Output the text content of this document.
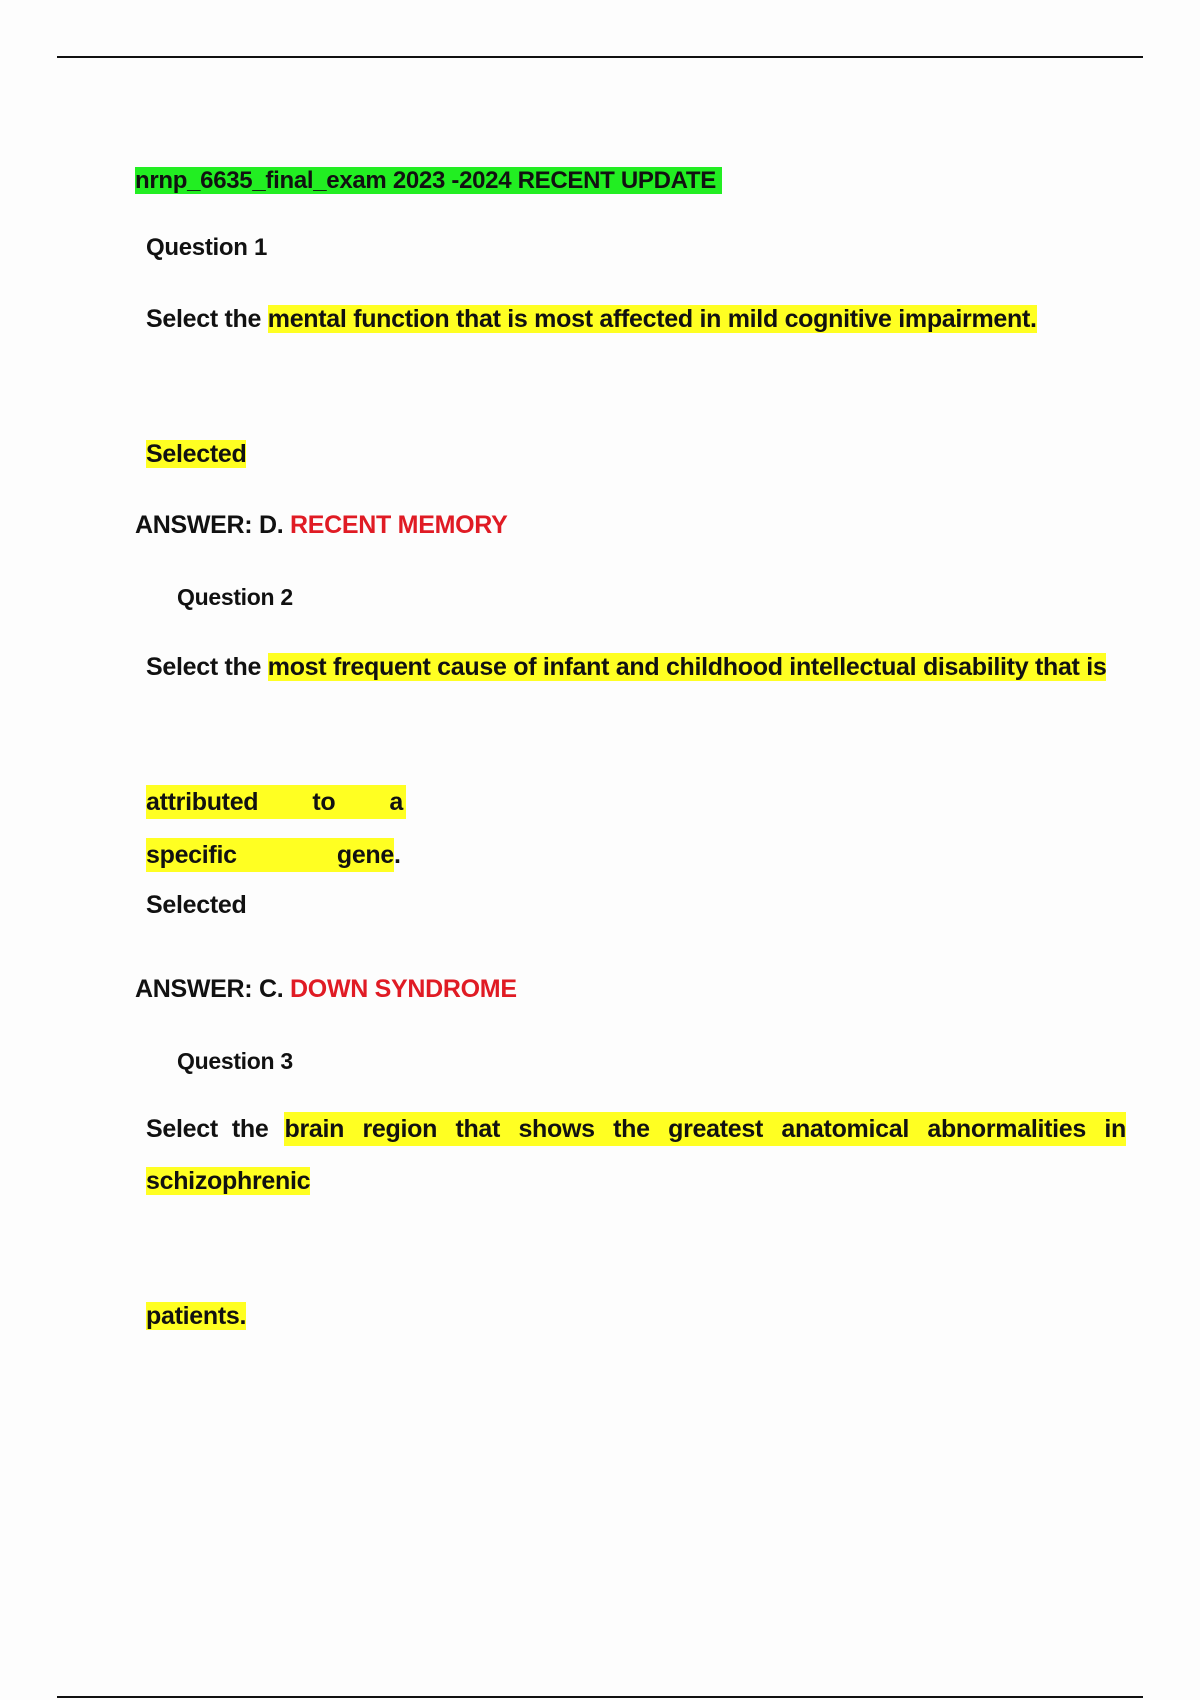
nrnp_6635_final_exam 2023 -2024 RECENT UPDATE
Question 1
Select the mental function that is most affected in mild cognitive impairment.
Selected
ANSWER: D. RECENT MEMORY
Question 2
Select the most frequent cause of infant and childhood intellectual disability that is
attributed to a
specific	gene .
Selected
ANSWER: C. DOWN SYNDROME
Question 3
Select the brain region that shows the greatest anatomical abnormalities in
schizophrenic
patients.
